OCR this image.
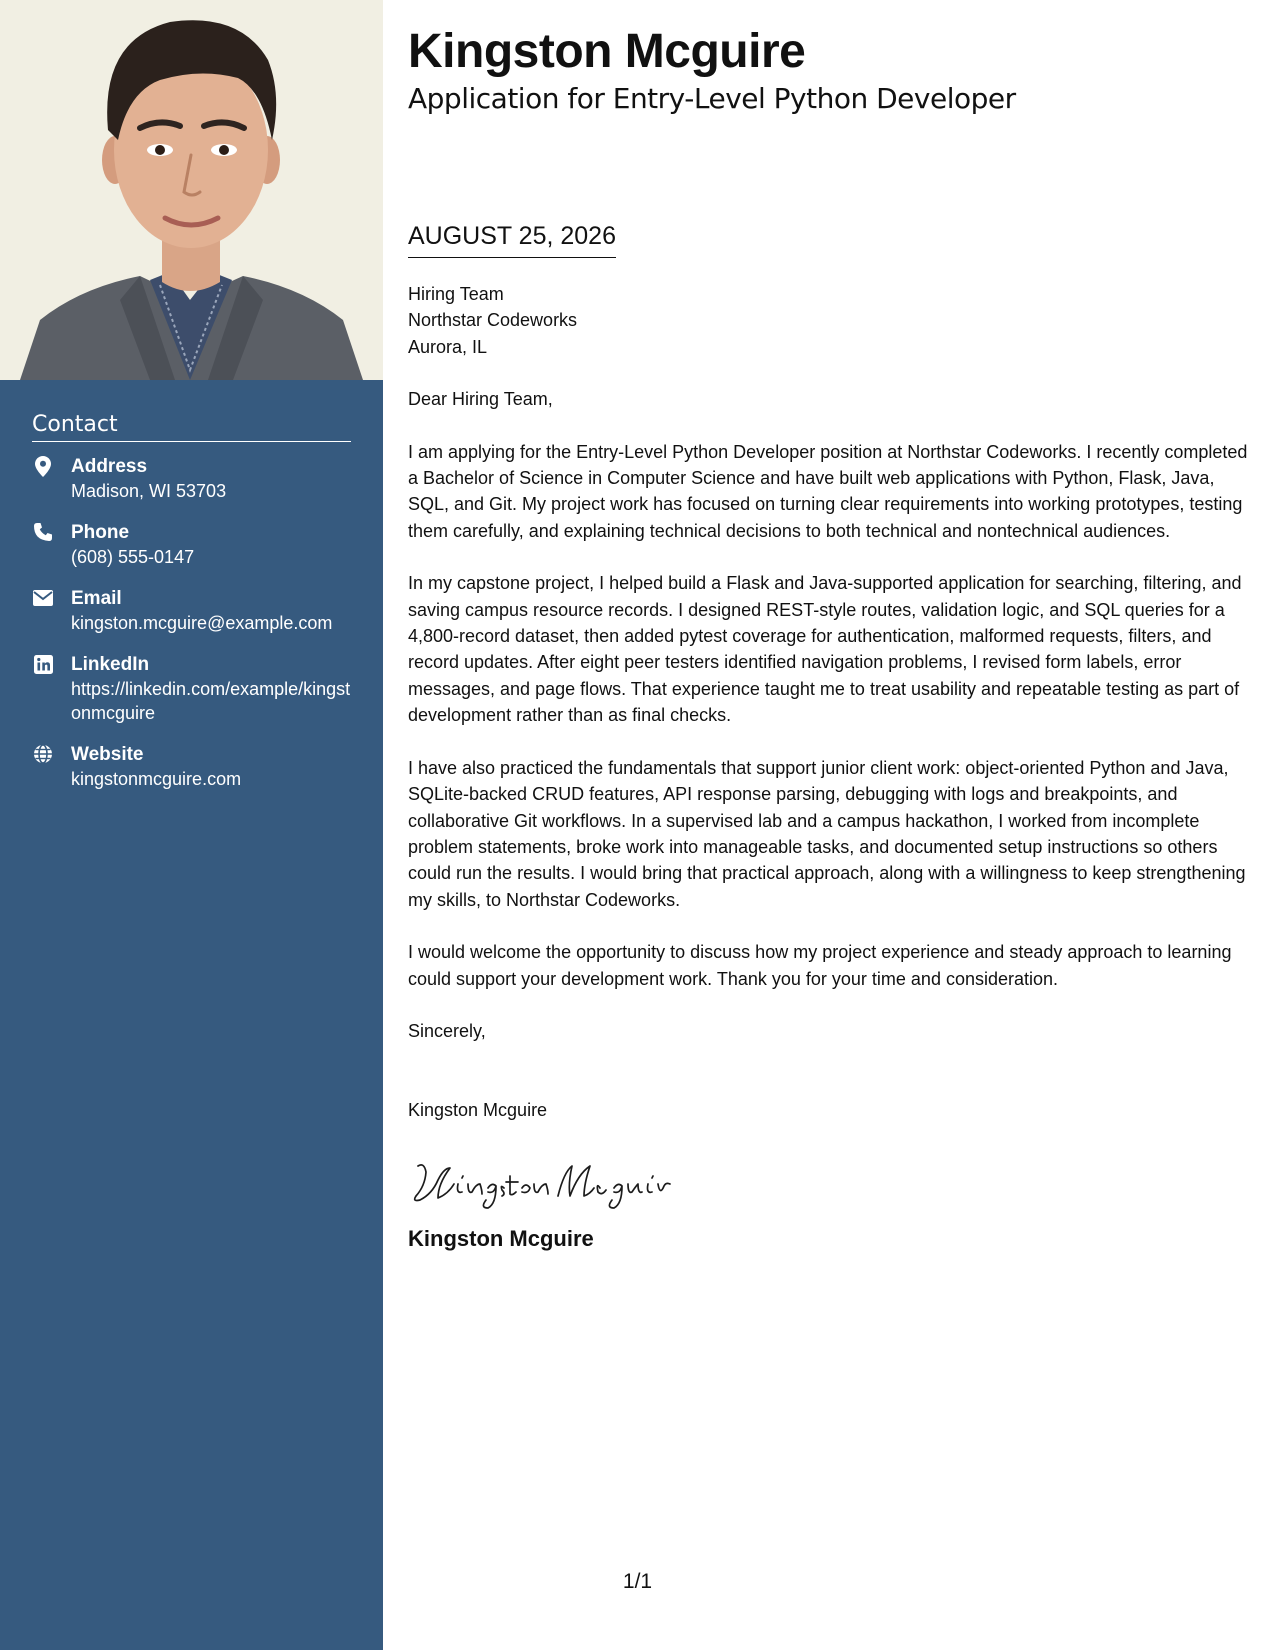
Contact
Address
Madison, WI 53703
Phone
(608) 555-0147
Email
kingston.mcguire@example.com
LinkedIn
https://linkedin.com/example/kingstonmcguire
Website
kingstonmcguire.com
Kingston Mcguire
Application for Entry-Level Python Developer
AUGUST 25, 2026
Hiring Team
Northstar Codeworks
Aurora, IL
Dear Hiring Team,

I am applying for the Entry-Level Python Developer position at Northstar Codeworks. I recently completed a Bachelor of Science in Computer Science and have built web applications with Python, Flask, Java, SQL, and Git. My project work has focused on turning clear requirements into working prototypes, testing them carefully, and explaining technical decisions to both technical and nontechnical audiences.

In my capstone project, I helped build a Flask and Java-supported application for searching, filtering, and saving campus resource records. I designed REST-style routes, validation logic, and SQL queries for a 4,800-record dataset, then added pytest coverage for authentication, malformed requests, filters, and record updates. After eight peer testers identified navigation problems, I revised form labels, error messages, and page flows. That experience taught me to treat usability and repeatable testing as part of development rather than as final checks.

I have also practiced the fundamentals that support junior client work: object-oriented Python and Java, SQLite-backed CRUD features, API response parsing, debugging with logs and breakpoints, and collaborative Git workflows. In a supervised lab and a campus hackathon, I worked from incomplete problem statements, broke work into manageable tasks, and documented setup instructions so others could run the results. I would bring that practical approach, along with a willingness to keep strengthening my skills, to Northstar Codeworks.

I would welcome the opportunity to discuss how my project experience and steady approach to learning could support your development work. Thank you for your time and consideration.

Sincerely,
Kingston Mcguire
Kingston Mcguire
1/1
